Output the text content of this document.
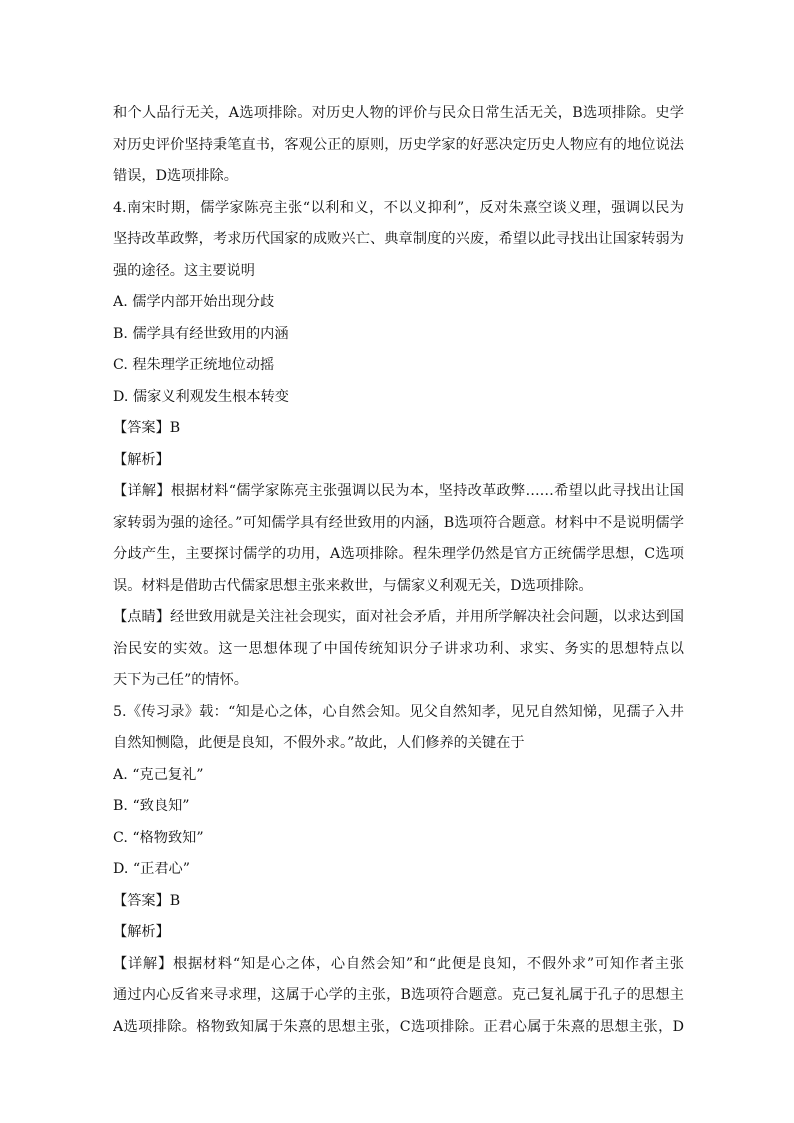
和个人品行无关，A选项排除。对历史人物的评价与民众日常生活无关，B选项排除。史学
对历史评价坚持秉笔直书，客观公正的原则，历史学家的好恶决定历史人物应有的地位说法
错误，D选项排除。
4.南宋时期，儒学家陈亮主张“以利和义，不以义抑利”，反对朱熹空谈义理，强调以民为
坚持改革政弊，考求历代国家的成败兴亡、典章制度的兴废，希望以此寻找出让国家转弱为
强的途径。这主要说明
A. 儒学内部开始出现分歧
B. 儒学具有经世致用的内涵
C. 程朱理学正统地位动摇
D. 儒家义利观发生根本转变
【答案】B
【解析】
【详解】根据材料“儒学家陈亮主张强调以民为本，坚持改革政弊……希望以此寻找出让国
家转弱为强的途径。”可知儒学具有经世致用的内涵，B选项符合题意。材料中不是说明儒学
分歧产生，主要探讨儒学的功用，A选项排除。程朱理学仍然是官方正统儒学思想，C选项
误。材料是借助古代儒家思想主张来救世，与儒家义利观无关，D选项排除。
【点睛】经世致用就是关注社会现实，面对社会矛盾，并用所学解决社会问题，以求达到国
治民安的实效。这一思想体现了中国传统知识分子讲求功利、求实、务实的思想特点以
天下为己任”的情怀。
5.《传习录》载：“知是心之体，心自然会知。见父自然知孝，见兄自然知悌，见孺子入井
自然知恻隐，此便是良知，不假外求。”故此，人们修养的关键在于
A. “克己复礼”
B. “致良知”
C. “格物致知”
D. “正君心”
【答案】B
【解析】
【详解】根据材料“知是心之体，心自然会知”和“此便是良知，不假外求”可知作者主张
通过内心反省来寻求理，这属于心学的主张，B选项符合题意。克己复礼属于孔子的思想主
A选项排除。格物致知属于朱熹的思想主张，C选项排除。正君心属于朱熹的思想主张，D
